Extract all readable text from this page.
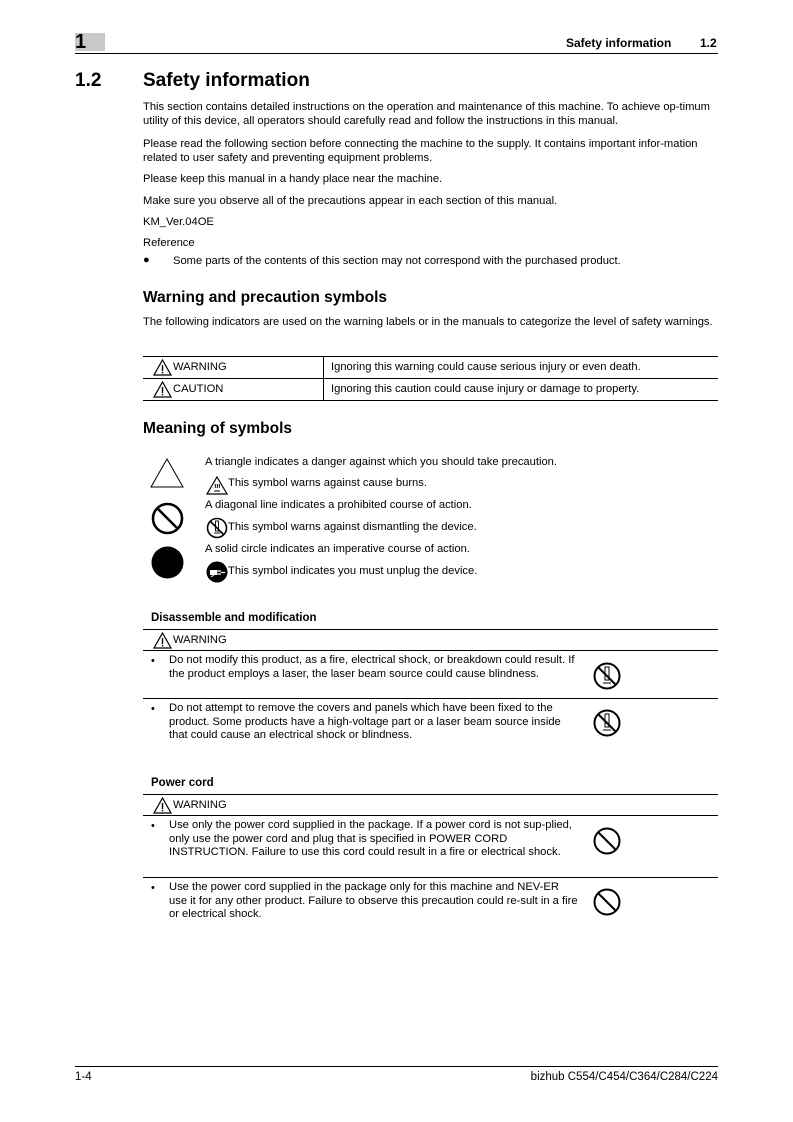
1	Safety information 1.2
1.2 Safety information

This section contains detailed instructions on the operation and maintenance of this machine. To achieve op-timum utility of this device, all operators should carefully read and follow the instructions in this manual.

Please read the following section before connecting the machine to the supply. It contains important infor-mation related to user safety and preventing equipment problems.

Please keep this manual in a handy place near the machine.

Make sure you observe all of the precautions appear in each section of this manual.

KM_Ver.04OE

Reference

● Some parts of the contents of this section may not correspond with the purchased product.

Warning and precaution symbols

The following indicators are used on the warning labels or in the manuals to categorize the level of safety warnings.

WARNING	Ignoring this warning could cause serious injury or even death.
CAUTION	Ignoring this caution could cause injury or damage to property.
Meaning of symbols
A triangle indicates a danger against which you should take precaution.
This symbol warns against cause burns.
A diagonal line indicates a prohibited course of action.
This symbol warns against dismantling the device.
A solid circle indicates an imperative course of action.
This symbol indicates you must unplug the device.
Disassemble and modification
WARNING
• Do not modify this product, as a fire, electrical shock, or breakdown could result. If the product employs a laser, the laser beam source could cause blindness.

• Do not attempt to remove the covers and panels which have been fixed to the product. Some products have a high-voltage part or a laser beam source inside that could cause an electrical shock or blindness.

Power cord
WARNING
• Use only the power cord supplied in the package. If a power cord is not sup-plied, only use the power cord and plug that is specified in POWER CORD INSTRUCTION. Failure to use this cord could result in a fire or electrical shock.

• Use the power cord supplied in the package only for this machine and NEV-ER use it for any other product. Failure to observe this precaution could re-sult in a fire or electrical shock.

1-4	bizhub C554/C454/C364/C284/C224
